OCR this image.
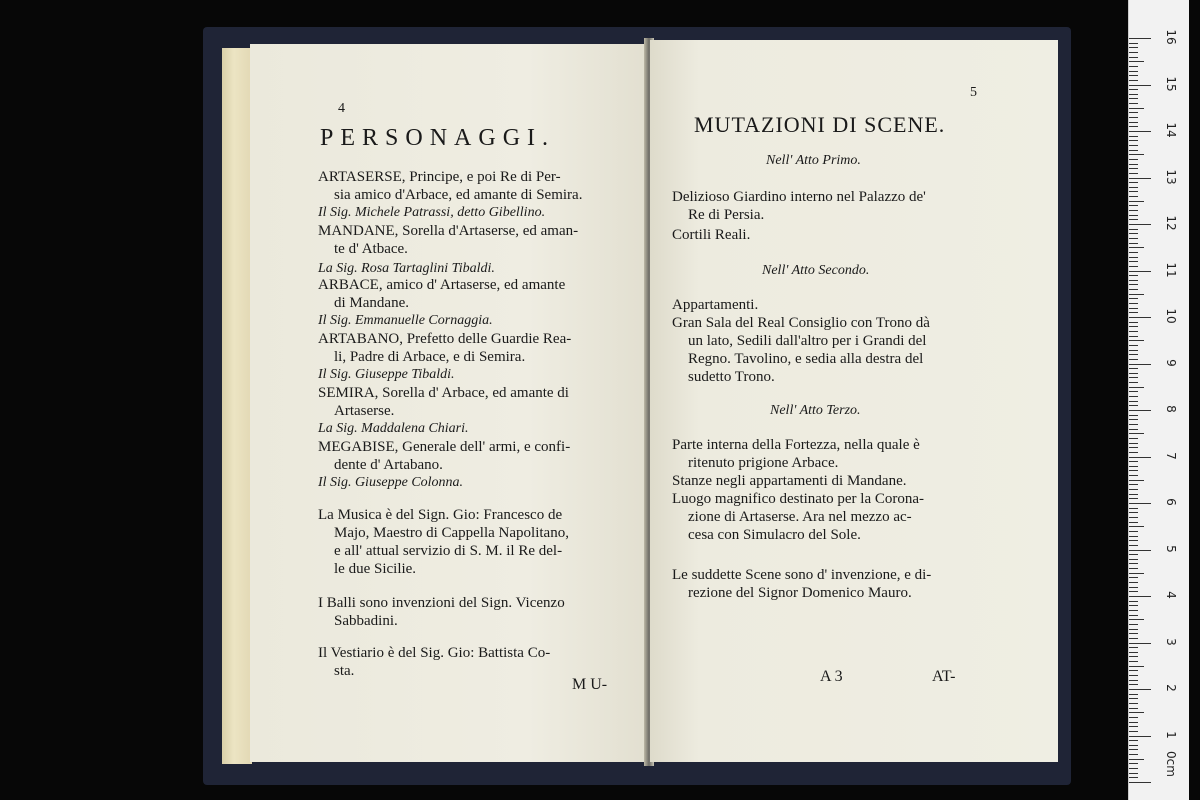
4
PERSONAGGI.
ARTASERSE, Principe, e poi Re di Per-
sia amico d'Arbace, ed amante di Semira.
Il Sig. Michele Patrassi, detto Gibellino.
MANDANE, Sorella d'Artaserse, ed aman-
te d' Atbace.
La Sig. Rosa Tartaglini Tibaldi.
ARBACE, amico d' Artaserse, ed amante
di Mandane.
Il Sig. Emmanuelle Cornaggia.
ARTABANO, Prefetto delle Guardie Rea-
li, Padre di Arbace, e di Semira.
Il Sig. Giuseppe Tibaldi.
SEMIRA, Sorella d' Arbace, ed amante di
Artaserse.
La Sig. Maddalena Chiari.
MEGABISE, Generale dell' armi, e confi-
dente d' Artabano.
Il Sig. Giuseppe Colonna.
La Musica è del Sign. Gio: Francesco de
Majo, Maestro di Cappella Napolitano,
e all' attual servizio di S. M. il Re del-
le due Sicilie.
I Balli sono invenzioni del Sign. Vicenzo
Sabbadini.
Il Vestiario è del Sig. Gio: Battista Co-
sta.
M U-
5
MUTAZIONI DI SCENE.
Nell' Atto Primo.
Delizioso Giardino interno nel Palazzo de'
Re di Persia.
Cortili Reali.
Nell' Atto Secondo.
Appartamenti.
Gran Sala del Real Consiglio con Trono dà
un lato, Sedili dall'altro per i Grandi del
Regno. Tavolino, e sedia alla destra del
sudetto Trono.
Nell' Atto Terzo.
Parte interna della Fortezza, nella quale è
ritenuto prigione Arbace.
Stanze negli appartamenti di Mandane.
Luogo magnifico destinato per la Corona-
zione di Artaserse. Ara nel mezzo ac-
cesa con Simulacro del Sole.
Le suddette Scene sono d' invenzione, e di-
rezione del Signor Domenico Mauro.
A 3	AT-
0cm
1
2
3
4
5
6
7
8
9
10
11
12
13
14
15
16
